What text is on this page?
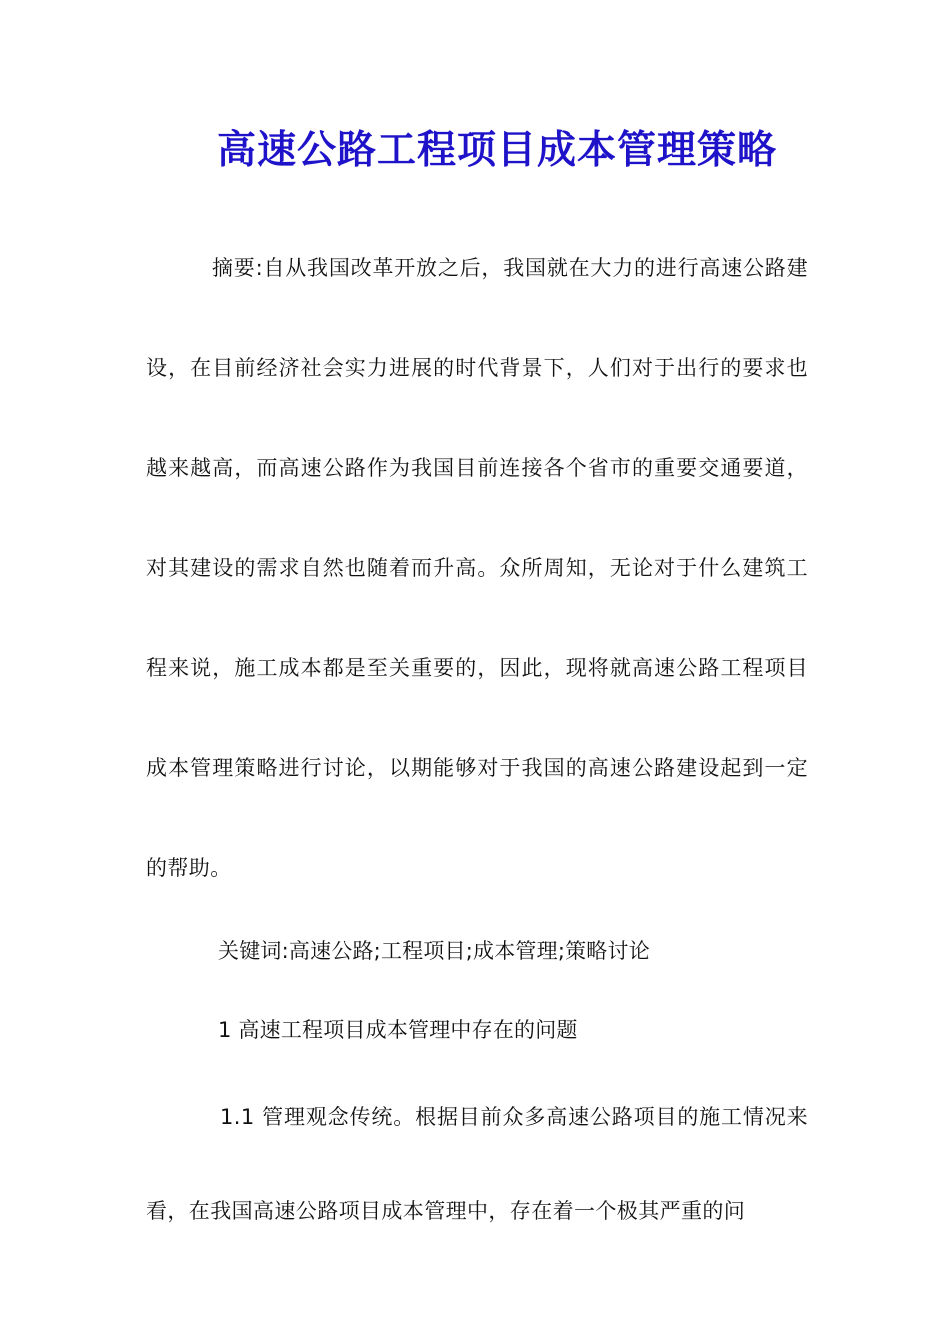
高速公路工程项目成本管理策略

摘要:自从我国改革开放之后，我国就在大力的进行高速公路建设，在目前经济社会实力进展的时代背景下，人们对于出行的要求也越来越高，而高速公路作为我国目前连接各个省市的重要交通要道，对其建设的需求自然也随着而升高。众所周知，无论对于什么建筑工程来说，施工成本都是至关重要的，因此，现将就高速公路工程项目成本管理策略进行讨论，以期能够对于我国的高速公路建设起到一定的帮助。

关键词:高速公路;工程项目;成本管理;策略讨论

1 高速工程项目成本管理中存在的问题

1.1 管理观念传统。根据目前众多高速公路项目的施工情况来看，在我国高速公路项目成本管理中，存在着一个极其严重的问
